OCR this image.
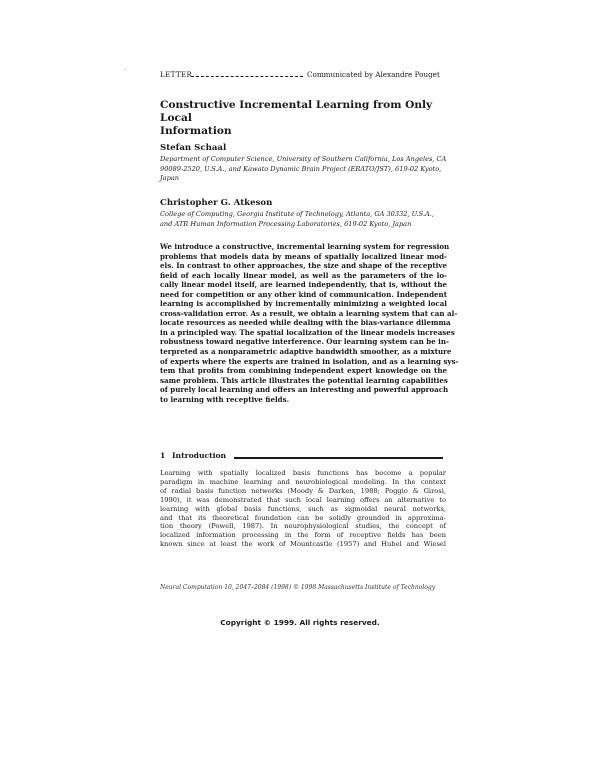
·	LETTER	Communicated by Alexandre Pouget
Constructive Incremental Learning from Only Local
Information
Stefan Schaal
Department of Computer Science, University of Southern California, Los Angeles, CA
90089-2520, U.S.A., and Kawato Dynamic Brain Project (ERATO/JST), 619-02 Kyoto,
Japan
Christopher G. Atkeson
College of Computing, Georgia Institute of Technology, Atlanta, GA 30332, U.S.A.,
and ATR Human Information Processing Laboratories, 619-02 Kyoto, Japan
We introduce a constructive, incremental learning system for regression
problems that models data by means of spatially localized linear mod-
els. In contrast to other approaches, the size and shape of the receptive
field of each locally linear model, as well as the parameters of the lo-
cally linear model itself, are learned independently, that is, without the
need for competition or any other kind of communication. Independent
learning is accomplished by incrementally minimizing a weighted local
cross-validation error. As a result, we obtain a learning system that can al-
locate resources as needed while dealing with the bias-variance dilemma
in a principled way. The spatial localization of the linear models increases
robustness toward negative interference. Our learning system can be in-
terpreted as a nonparametric adaptive bandwidth smoother, as a mixture
of experts where the experts are trained in isolation, and as a learning sys-
tem that profits from combining independent expert knowledge on the
same problem. This article illustrates the potential learning capabilities
of purely local learning and offers an interesting and powerful approach
to learning with receptive fields.
1 Introduction
Learning with spatially localized basis functions has become a popular
paradigm in machine learning and neurobiological modeling. In the context
of radial basis function networks (Moody & Darken, 1988; Poggio & Girosi,
1990), it was demonstrated that such local learning offers an alternative to
learning with global basis functions, such as sigmoidal neural networks,
and that its theoretical foundation can be solidly grounded in approxima-
tion theory (Powell, 1987). In neurophysiological studies, the concept of
localized information processing in the form of receptive fields has been
known since at least the work of Mountcastle (1957) and Hubel and Wiesel
Neural Computation 10, 2047–2084 (1998) © 1998 Massachusetts Institute of Technology
Copyright © 1999. All rights reserved.
